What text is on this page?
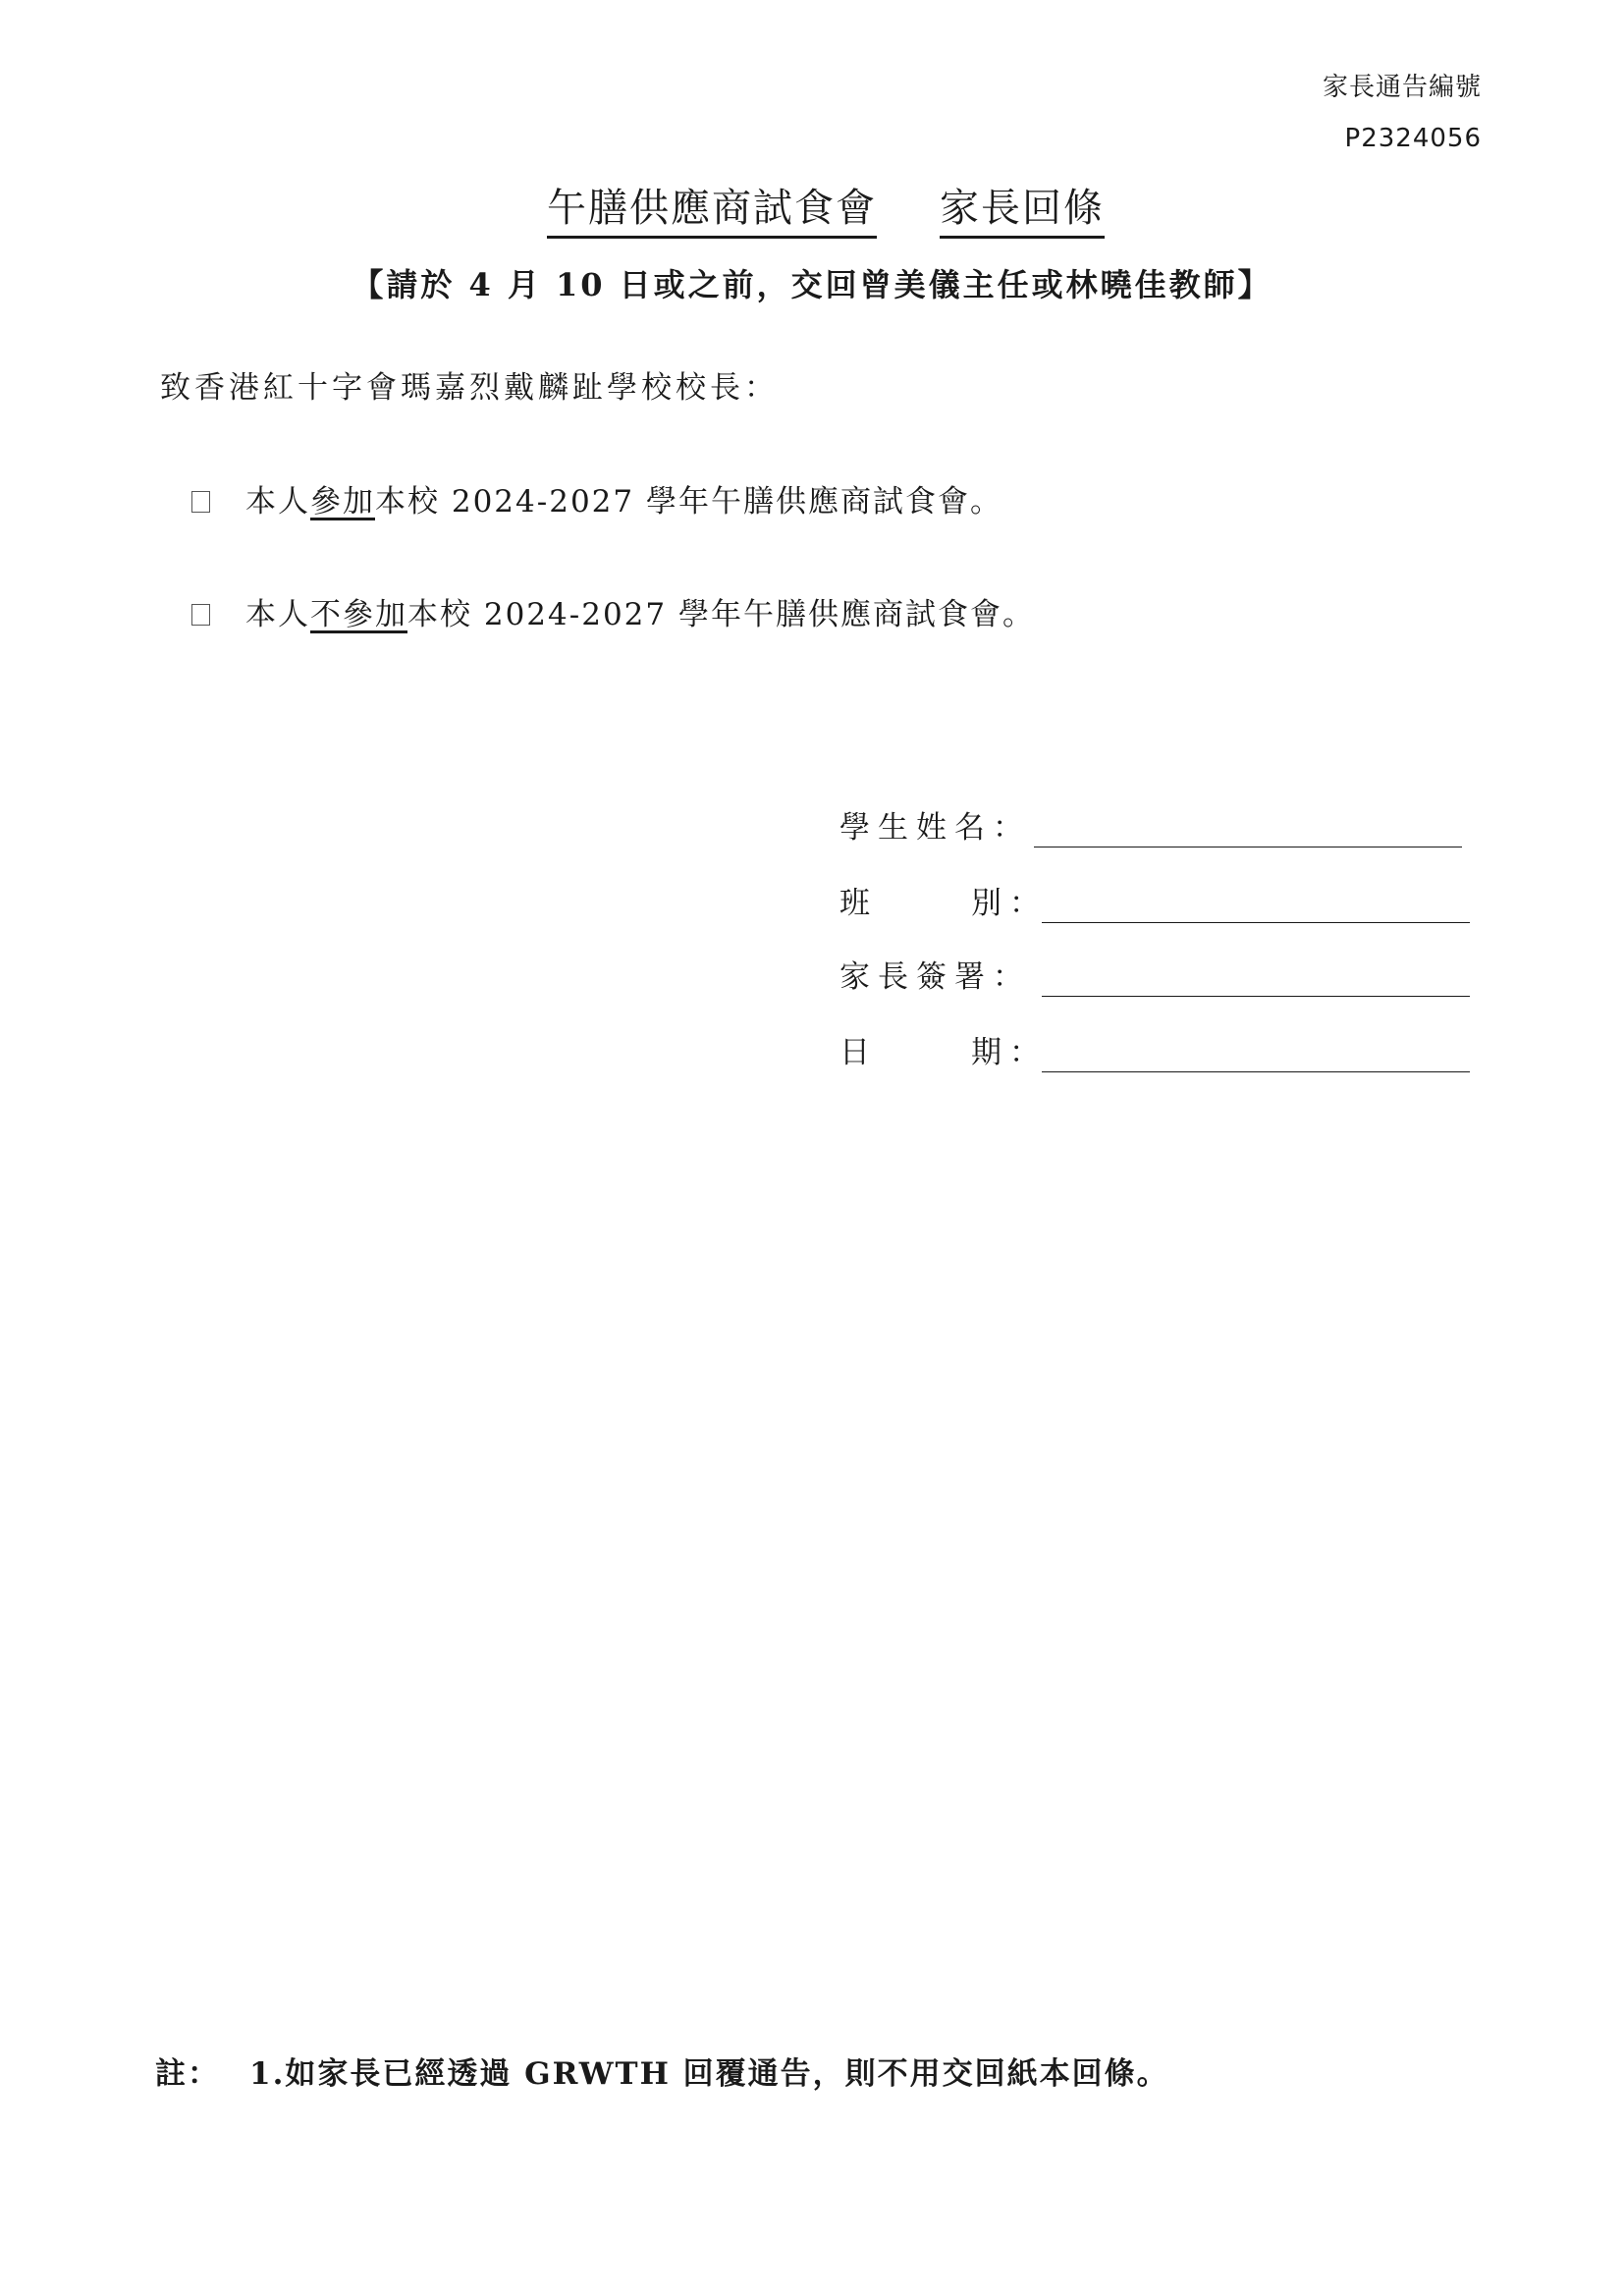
家長通告編號
P2324056
午膳供應商試食會 家長回條
【請於 4 月 10 日或之前，交回曾美儀主任或林曉佳教師】
致香港紅十字會瑪嘉烈戴麟趾學校校長：
本人參加本校 2024-2027 學年午膳供應商試食會。
本人不參加本校 2024-2027 學年午膳供應商試食會。
學生姓名：
班	別：
家長簽署：
日	期：
註： 1.如家長已經透過 GRWTH 回覆通告，則不用交回紙本回條。
